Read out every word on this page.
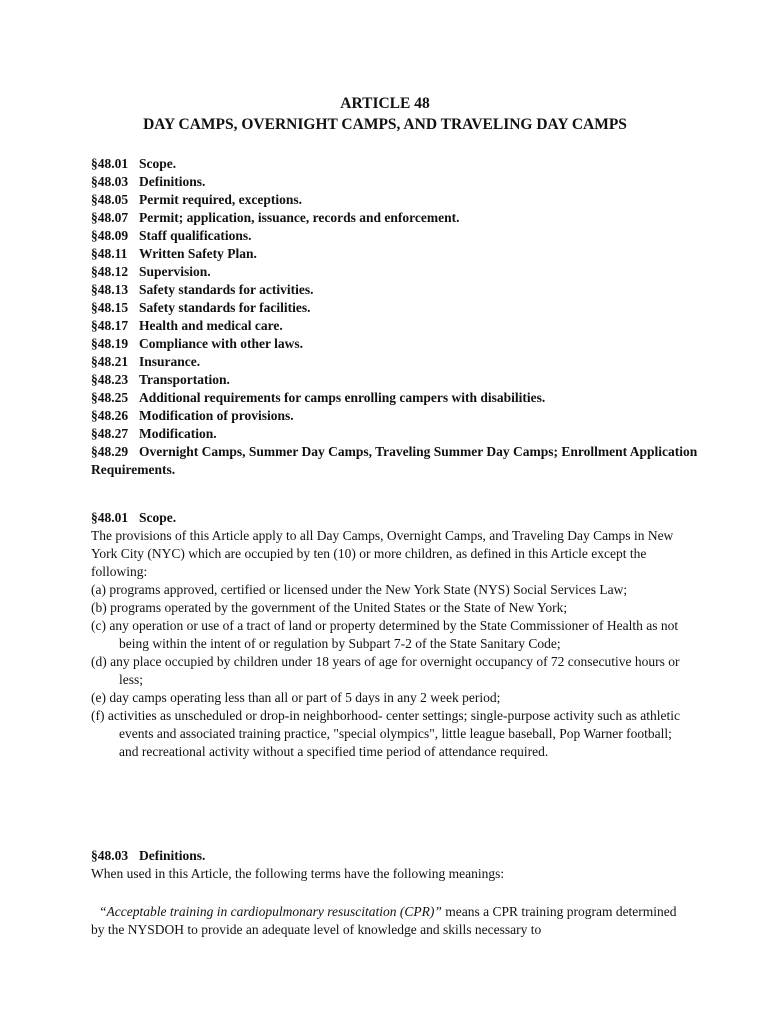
ARTICLE 48
DAY CAMPS, OVERNIGHT CAMPS, AND TRAVELING DAY CAMPS
§48.01 Scope.
§48.03 Definitions.
§48.05 Permit required, exceptions.
§48.07 Permit; application, issuance, records and enforcement.
§48.09 Staff qualifications.
§48.11 Written Safety Plan.
§48.12 Supervision.
§48.13 Safety standards for activities.
§48.15 Safety standards for facilities.
§48.17 Health and medical care.
§48.19 Compliance with other laws.
§48.21 Insurance.
§48.23 Transportation.
§48.25 Additional requirements for camps enrolling campers with disabilities.
§48.26 Modification of provisions.
§48.27 Modification.
§48.29 Overnight Camps, Summer Day Camps, Traveling Summer Day Camps; Enrollment Application Requirements.
§48.01 Scope.
The provisions of this Article apply to all Day Camps, Overnight Camps, and Traveling Day Camps in New York City (NYC) which are occupied by ten (10) or more children, as defined in this Article except the following:
(a) programs approved, certified or licensed under the New York State (NYS) Social Services Law;
(b) programs operated by the government of the United States or the State of New York;
(c) any operation or use of a tract of land or property determined by the State Commissioner of Health as not being within the intent of or regulation by Subpart 7-2 of the State Sanitary Code;
(d) any place occupied by children under 18 years of age for overnight occupancy of 72 consecutive hours or less;
(e) day camps operating less than all or part of 5 days in any 2 week period;
(f) activities as unscheduled or drop-in neighborhood- center settings; single-purpose activity such as athletic events and associated training practice, "special olympics", little league baseball, Pop Warner football; and recreational activity without a specified time period of attendance required.
§48.03 Definitions.
When used in this Article, the following terms have the following meanings:
“Acceptable training in cardiopulmonary resuscitation (CPR)” means a CPR training program determined by the NYSDOH to provide an adequate level of knowledge and skills necessary to
